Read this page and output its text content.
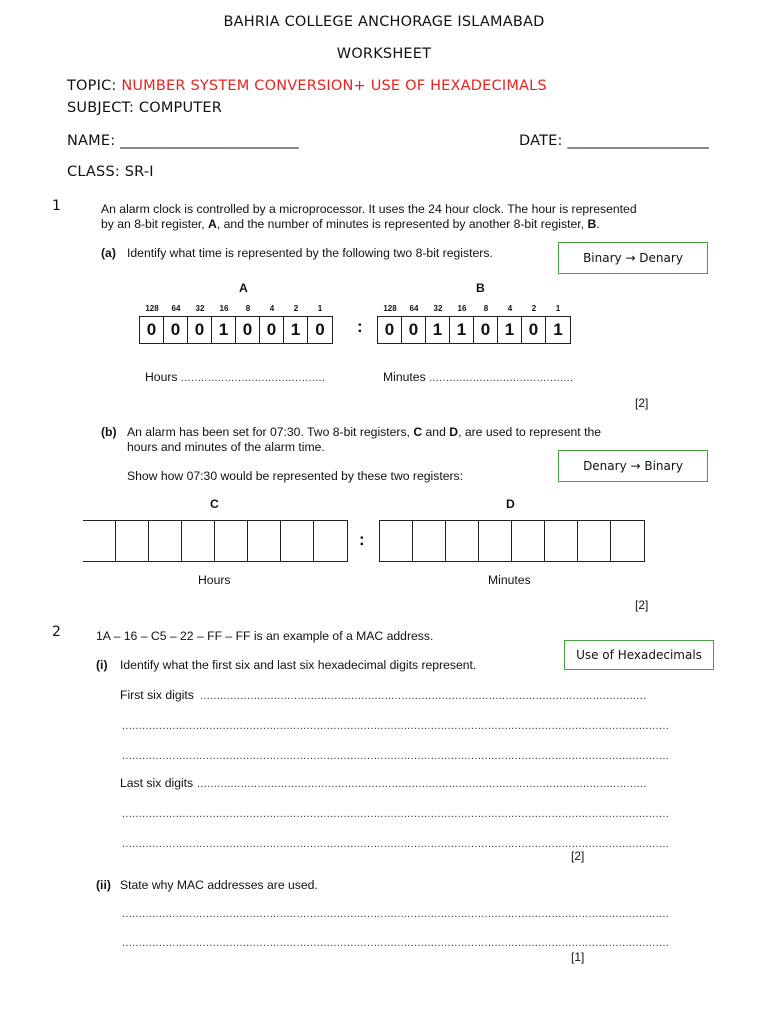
BAHRIA COLLEGE ANCHORAGE ISLAMABAD
WORKSHEET
TOPIC: NUMBER SYSTEM CONVERSION+ USE OF HEXADECIMALS
SUBJECT: COMPUTER
NAME: ________________________	DATE: ___________________
CLASS: SR-I
1	An alarm clock is controlled by a microprocessor. It uses the 24 hour clock. The hour is represented
by an 8-bit register, A, and the number of minutes is represented by another 8-bit register, B.
(a) Identify what time is represented by the following two 8-bit registers.	Binary → Denary
A	B
128	64	32	16	8	4	2	1	128	64	32	16	8	4	2	1
0 0 0 1 0 0 1 0	:	0 0 1 1 0 1 0 1
Hours ...........................................	Minutes ...........................................
[2]
(b) An alarm has been set for 07:30. Two 8-bit registers, C and D, are used to represent the
hours and minutes of the alarm time.
Show how 07:30 would be represented by these two registers:
Denary → Binary
C	D
:
Hours	Minutes
[2]
2	1A – 16 – C5 – 22 – FF – FF is an example of a MAC address.
Use of Hexadecimals
(i) Identify what the first six and last six hexadecimal digits represent.
First six digits .....................................................................................................................................
...................................................................................................................................................................
...................................................................................................................................................................
Last six digits ......................................................................................................................................
...................................................................................................................................................................
...................................................................................................................................................................
[2]
(ii) State why MAC addresses are used.
...................................................................................................................................................................
...................................................................................................................................................................
[1]
